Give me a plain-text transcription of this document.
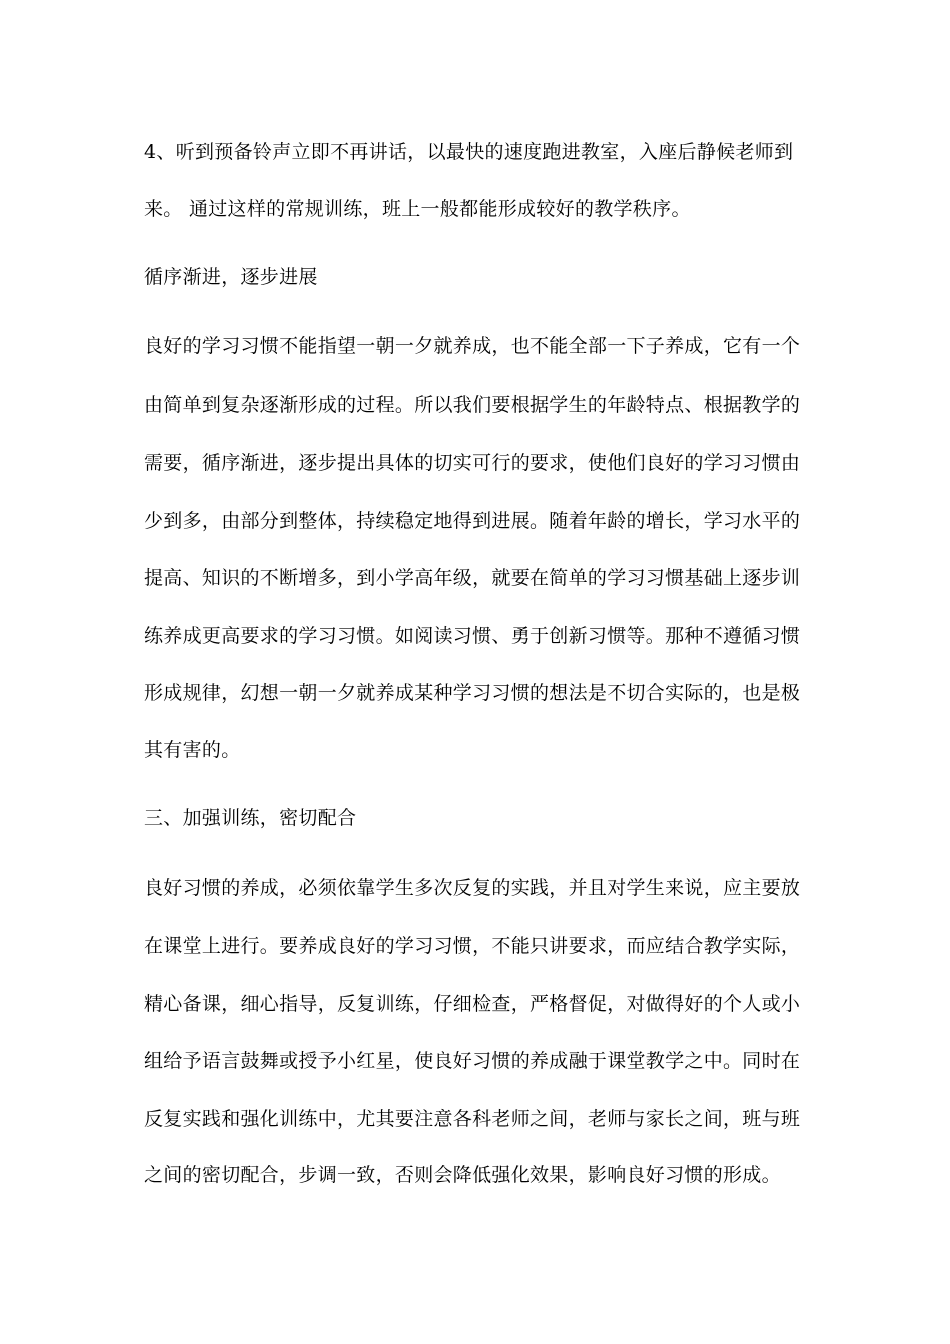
4、听到预备铃声立即不再讲话，以最快的速度跑进教室，入座后静候老师到
来。 通过这样的常规训练，班上一般都能形成较好的教学秩序。
循序渐进，逐步进展
良好的学习习惯不能指望一朝一夕就养成，也不能全部一下子养成，它有一个
由简单到复杂逐渐形成的过程。所以我们要根据学生的年龄特点、根据教学的
需要，循序渐进，逐步提出具体的切实可行的要求，使他们良好的学习习惯由
少到多，由部分到整体，持续稳定地得到进展。随着年龄的增长，学习水平的
提高、知识的不断增多，到小学高年级，就要在简单的学习习惯基础上逐步训
练养成更高要求的学习习惯。如阅读习惯、勇于创新习惯等。那种不遵循习惯
形成规律，幻想一朝一夕就养成某种学习习惯的想法是不切合实际的，也是极
其有害的。
三、加强训练，密切配合
良好习惯的养成，必须依靠学生多次反复的实践，并且对学生来说，应主要放
在课堂上进行。要养成良好的学习习惯，不能只讲要求，而应结合教学实际，
精心备课，细心指导，反复训练，仔细检查，严格督促，对做得好的个人或小
组给予语言鼓舞或授予小红星，使良好习惯的养成融于课堂教学之中。同时在
反复实践和强化训练中，尤其要注意各科老师之间，老师与家长之间，班与班
之间的密切配合，步调一致，否则会降低强化效果，影响良好习惯的形成。
